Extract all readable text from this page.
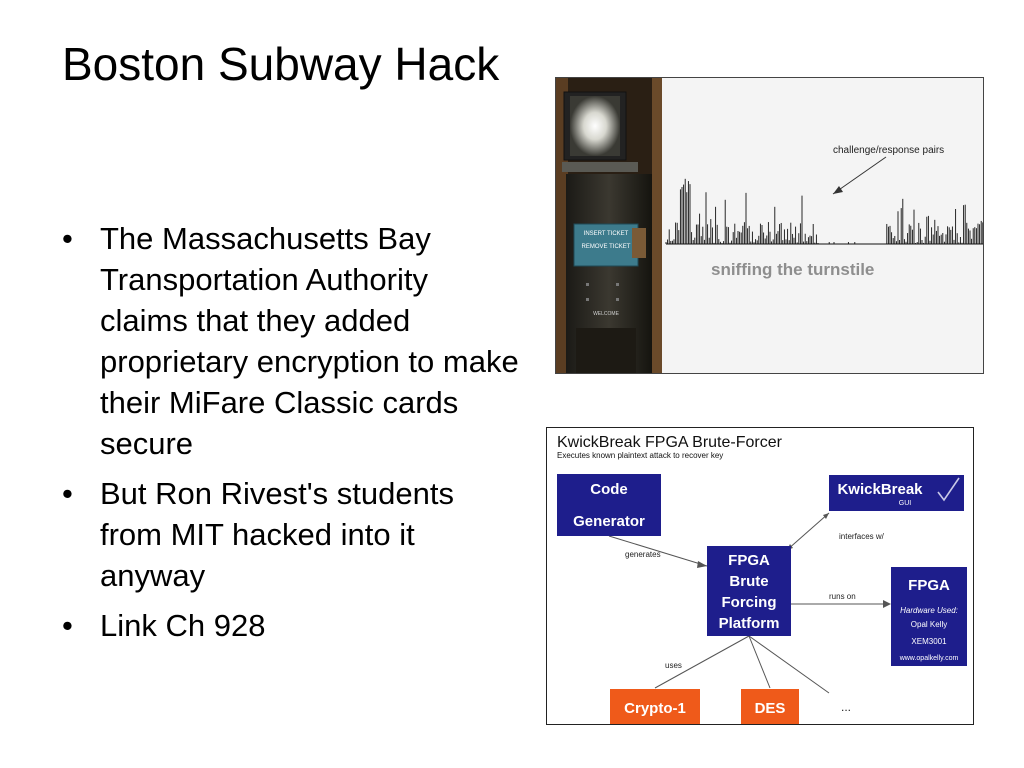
Boston Subway Hack
• The Massachusetts Bay Transportation Authority claims that they added proprietary encryption to make their MiFare Classic cards secure
• But Ron Rivest's students from MIT hacked into it anyway
• Link Ch 928
INSERT TICKET
REMOVE TICKET
WELCOME
challenge/response pairs
sniffing the turnstile
KwickBreak FPGA Brute-Forcer
Executes known plaintext attack to recover key
Code
Generator
KwickBreak
GUI
FPGA
Brute
Forcing
Platform
FPGA
Hardware Used:
Opal Kelly
XEM3001
www.opalkelly.com
generates
interfaces w/
runs on
uses
Crypto-1	DES	...
